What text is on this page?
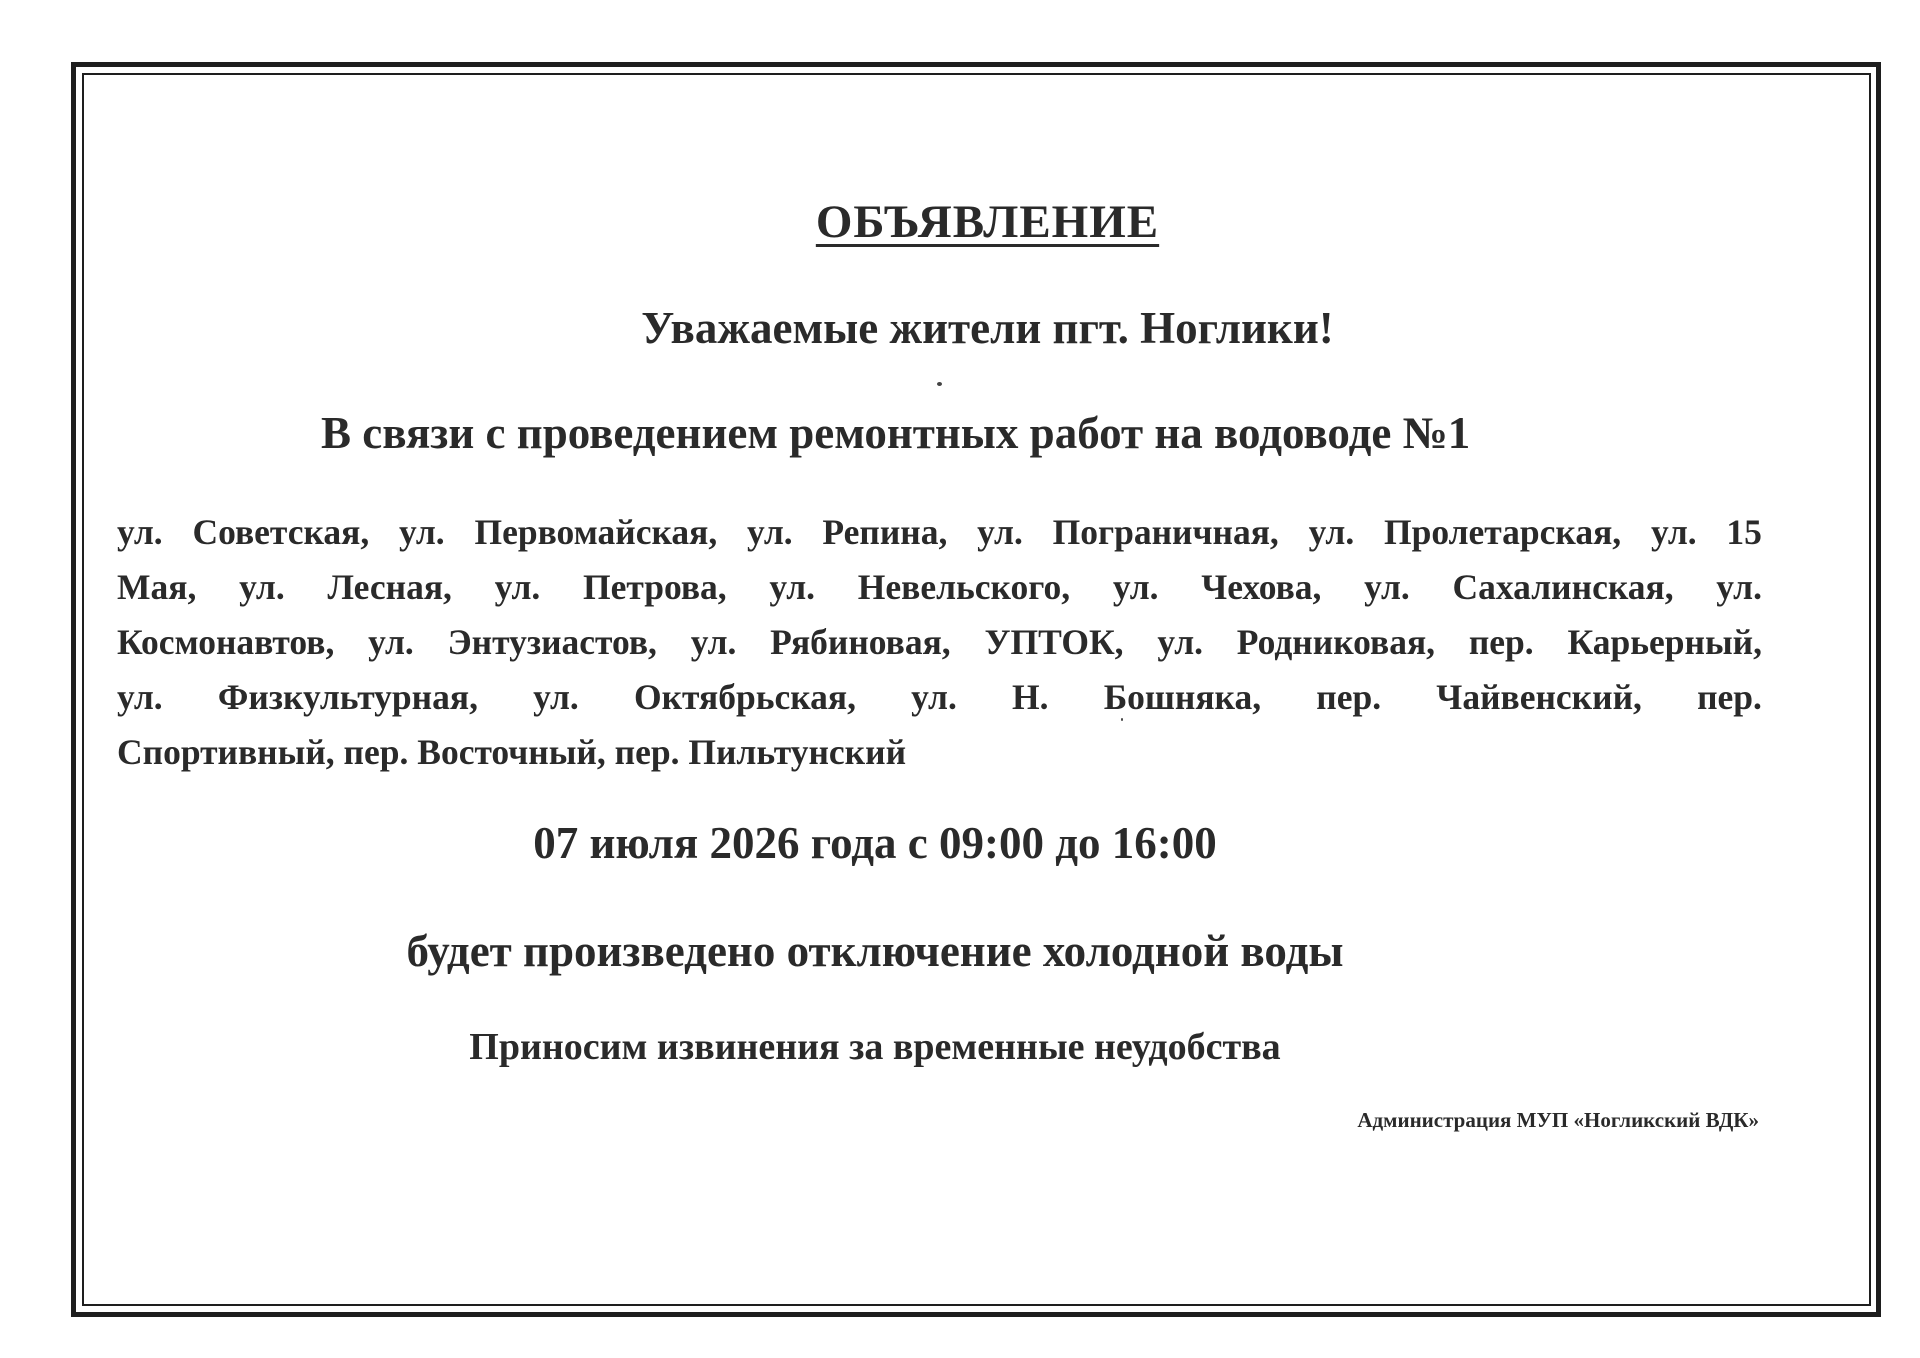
ОБЪЯВЛЕНИЕ
Уважаемые жители пгт. Ноглики!
В связи с проведением ремонтных работ на водоводе №1
ул. Советская, ул. Первомайская, ул. Репина, ул. Пограничная, ул. Пролетарская, ул. 15
Мая, ул. Лесная, ул. Петрова, ул. Невельского, ул. Чехова, ул. Сахалинская, ул.
Космонавтов, ул. Энтузиастов, ул. Рябиновая, УПТОК, ул. Родниковая, пер. Карьерный,
ул. Физкультурная, ул. Октябрьская, ул. Н. Бошняка, пер. Чайвенский, пер.
Спортивный, пер. Восточный, пер. Пильтунский
07 июля 2026 года с 09:00 до 16:00
будет произведено отключение холодной воды
Приносим извинения за временные неудобства
Администрация МУП «Ногликский ВДК»
